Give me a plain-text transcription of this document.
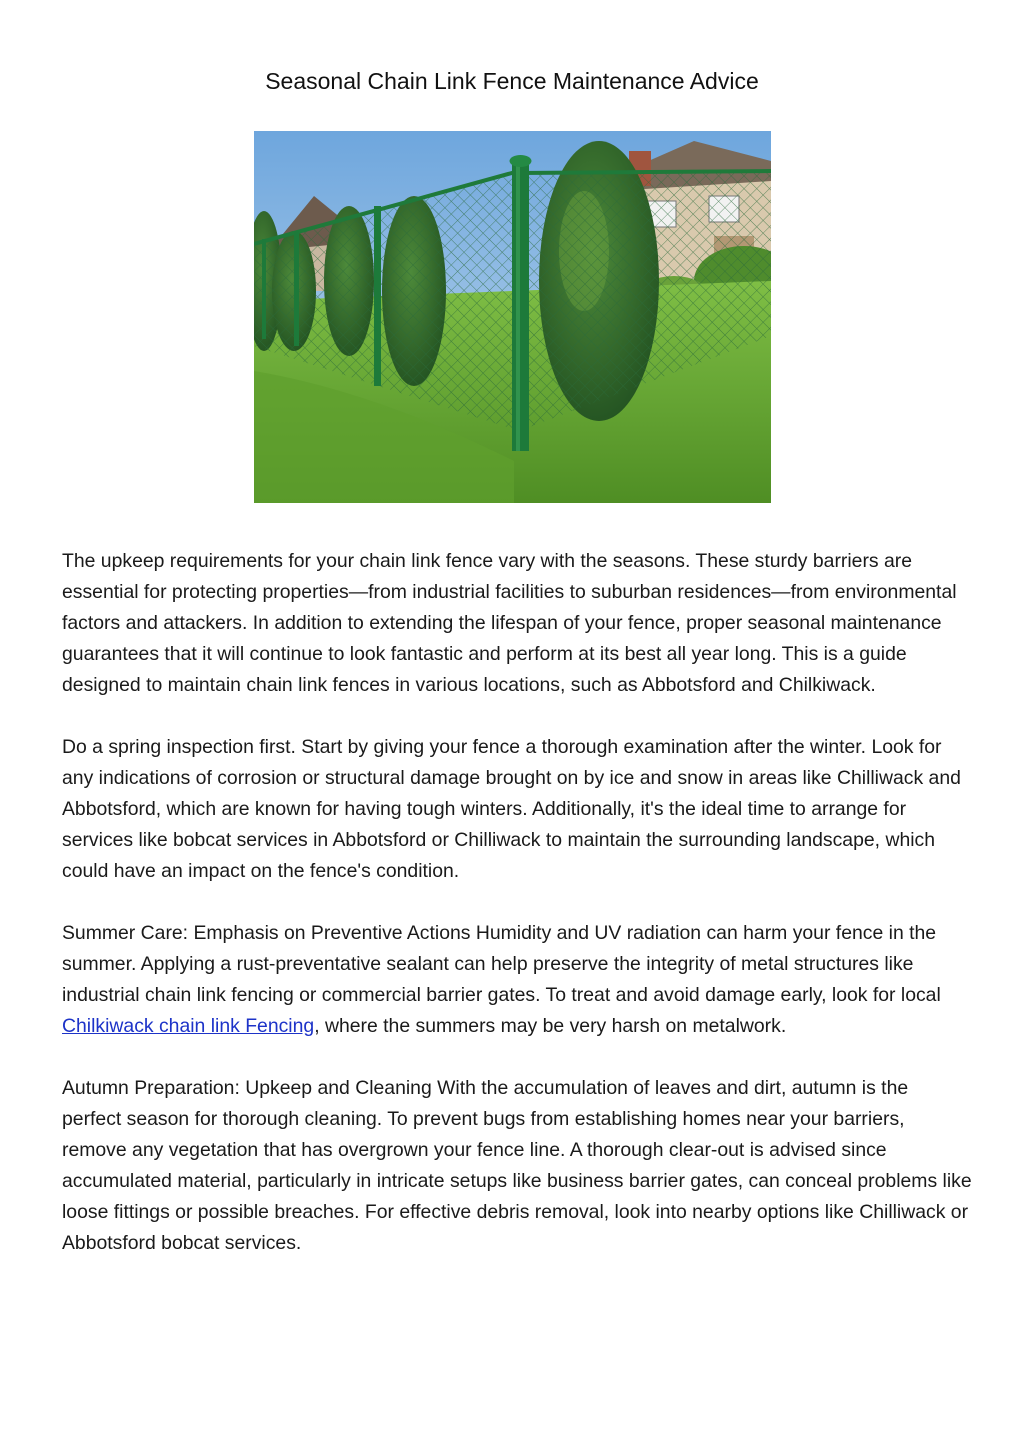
Seasonal Chain Link Fence Maintenance Advice

The upkeep requirements for your chain link fence vary with the seasons. These sturdy barriers are essential for protecting properties—from industrial facilities to suburban residences—from environmental factors and attackers. In addition to extending the lifespan of your fence, proper seasonal maintenance guarantees that it will continue to look fantastic and perform at its best all year long. This is a guide designed to maintain chain link fences in various locations, such as Abbotsford and Chilkiwack.

Do a spring inspection first. Start by giving your fence a thorough examination after the winter. Look for any indications of corrosion or structural damage brought on by ice and snow in areas like Chilliwack and Abbotsford, which are known for having tough winters. Additionally, it's the ideal time to arrange for services like bobcat services in Abbotsford or Chilliwack to maintain the surrounding landscape, which could have an impact on the fence's condition.

Summer Care: Emphasis on Preventive Actions Humidity and UV radiation can harm your fence in the summer. Applying a rust-preventative sealant can help preserve the integrity of metal structures like industrial chain link fencing or commercial barrier gates. To treat and avoid damage early, look for local Chilkiwack chain link Fencing, where the summers may be very harsh on metalwork.

Autumn Preparation: Upkeep and Cleaning With the accumulation of leaves and dirt, autumn is the perfect season for thorough cleaning. To prevent bugs from establishing homes near your barriers, remove any vegetation that has overgrown your fence line. A thorough clear-out is advised since accumulated material, particularly in intricate setups like business barrier gates, can conceal problems like loose fittings or possible breaches. For effective debris removal, look into nearby options like Chilliwack or Abbotsford bobcat services.
